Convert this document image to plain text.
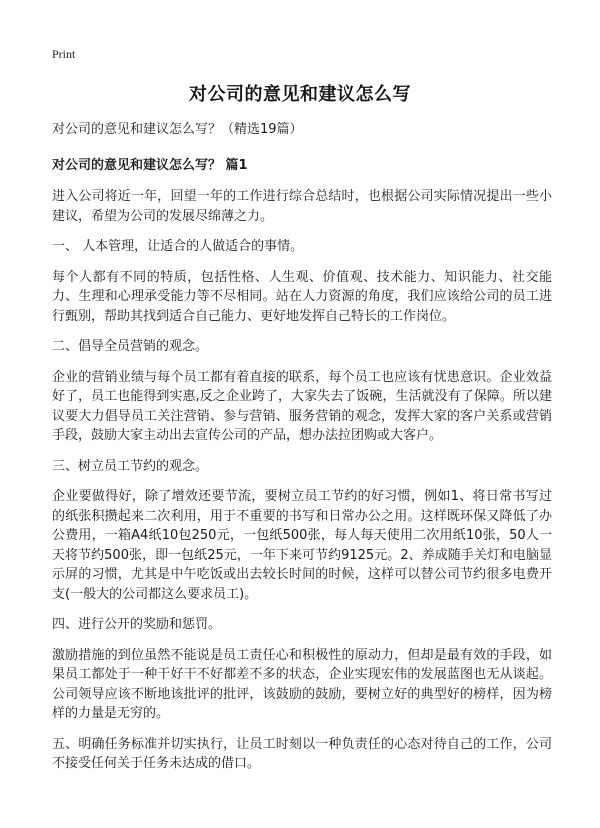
Print
对公司的意见和建议怎么写

对公司的意见和建议怎么写？（精选19篇）

对公司的意见和建议怎么写？ 篇1

进入公司将近一年，回望一年的工作进行综合总结时，也根据公司实际情况提出一些小建议，希望为公司的发展尽绵薄之力。

一、 人本管理，让适合的人做适合的事情。

每个人都有不同的特质，包括性格、人生观、价值观、技术能力、知识能力、社交能力、生理和心理承受能力等不尽相同。站在人力资源的角度，我们应该给公司的员工进行甄别，帮助其找到适合自己能力、更好地发挥自己特长的工作岗位。

二、倡导全员营销的观念。

企业的营销业绩与每个员工都有着直接的联系，每个员工也应该有忧患意识。企业效益好了，员工也能得到实惠,反之企业跨了，大家失去了饭碗，生活就没有了保障。所以建议要大力倡导员工关注营销、参与营销、服务营销的观念，发挥大家的客户关系或营销手段，鼓励大家主动出去宣传公司的产品，想办法拉团购或大客户。

三、树立员工节约的观念。

企业要做得好，除了增效还要节流，要树立员工节约的好习惯，例如1、将日常书写过的纸张积攒起来二次利用，用于不重要的书写和日常办公之用。这样既环保又降低了办公费用，一箱A4纸10包250元，一包纸500张，每人每天使用二次用纸10张，50人一天将节约500张，即一包纸25元，一年下来可节约9125元。2、养成随手关灯和电脑显示屏的习惯，尤其是中午吃饭或出去较长时间的时候，这样可以替公司节约很多电费开支(一般大的公司都这么要求员工)。

四、进行公开的奖励和惩罚。

激励措施的到位虽然不能说是员工责任心和积极性的原动力，但却是最有效的手段，如果员工都处于一种干好干不好都差不多的状态，企业实现宏伟的发展蓝图也无从谈起。公司领导应该不断地该批评的批评，该鼓励的鼓励，要树立好的典型好的榜样，因为榜样的力量是无穷的。

五、明确任务标准并切实执行，让员工时刻以一种负责任的心态对待自己的工作，公司不接受任何关于任务未达成的借口。
